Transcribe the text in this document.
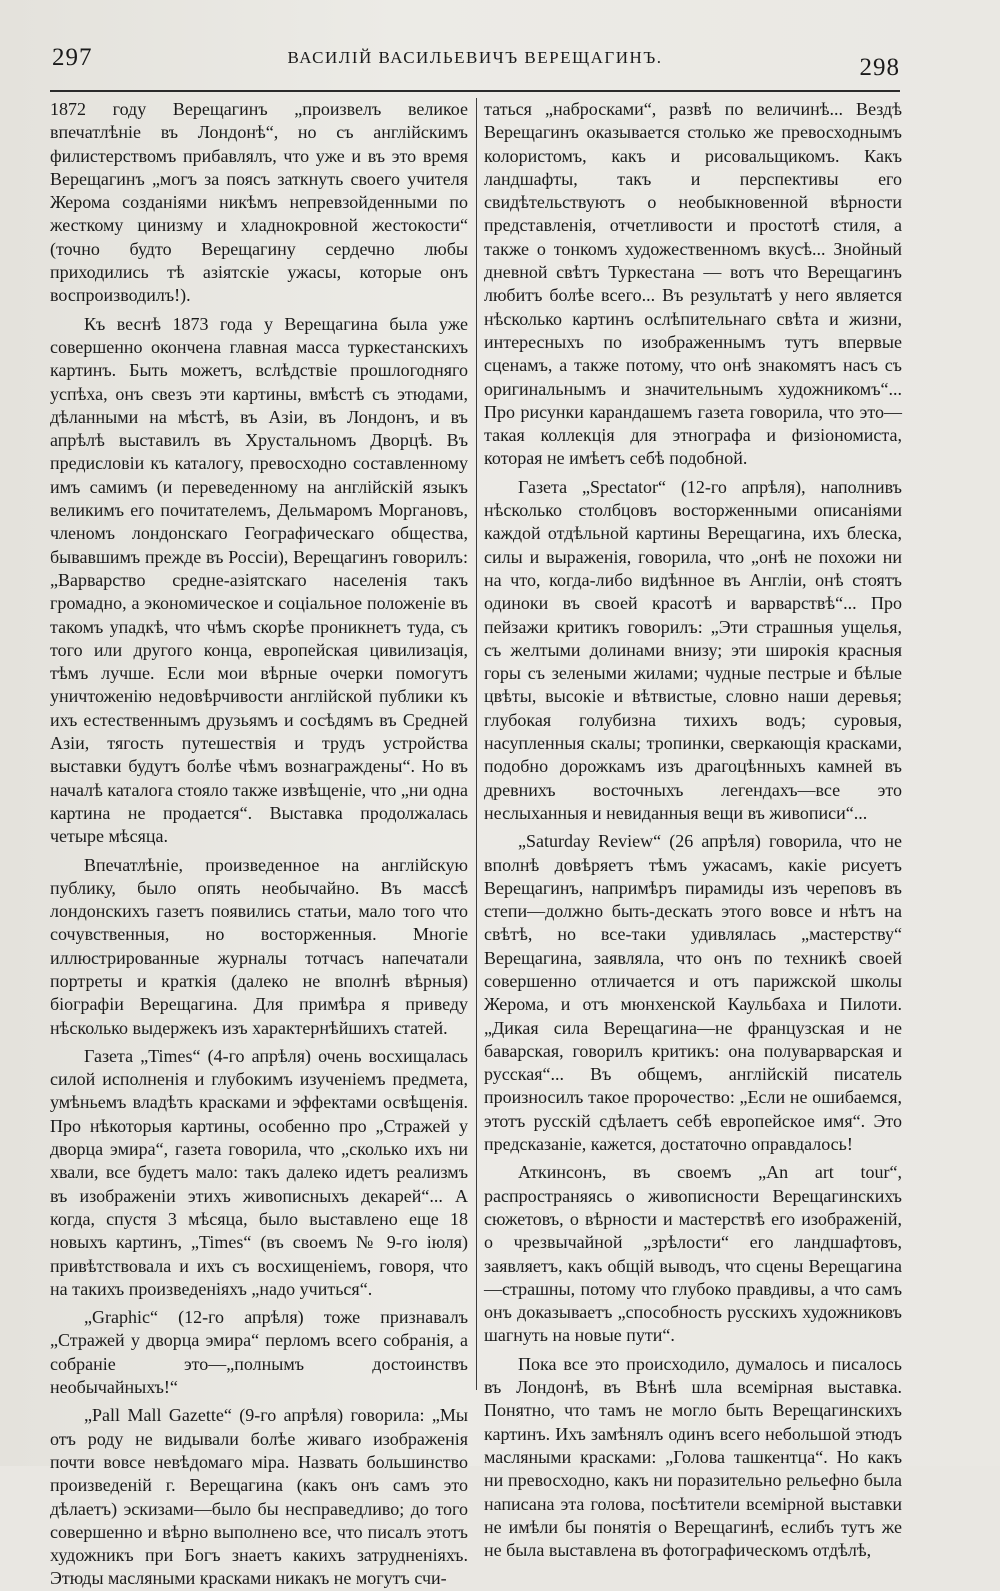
297	ВАСИЛІЙ ВАСИЛЬЕВИЧЪ ВЕРЕЩАГИНЪ.	298

1872 году Верещагинъ „произвелъ великое впечатлѣніе въ Лондонѣ“, но съ англійскимъ филистерствомъ прибавлялъ, что уже и въ это время Верещагинъ „могъ за поясъ заткнуть своего учителя Жерома созданіями никѣмъ непревзойденными по жесткому цинизму и хладнокровной жестокости“ (точно будто Верещагину сердечно любы приходились тѣ азіятскіе ужасы, которые онъ воспроизводилъ!).

Къ веснѣ 1873 года у Верещагина была уже совершенно окончена главная масса туркестанскихъ картинъ. Быть можетъ, вслѣдствіе прошлогодняго успѣха, онъ свезъ эти картины, вмѣстѣ съ этюдами, дѣланными на мѣстѣ, въ Азіи, въ Лондонъ, и въ апрѣлѣ выставилъ въ Хрустальномъ Дворцѣ. Въ предисловіи къ каталогу, превосходно составленному имъ самимъ (и переведенному на англійскій языкъ великимъ его почитателемъ, Дельмаромъ Моргановъ, членомъ лондонскаго Географическаго общества, бывавшимъ прежде въ Россіи), Верещагинъ говорилъ: „Варварство средне-азіятскаго населенія такъ громадно, а экономическое и соціальное положеніе въ такомъ упадкѣ, что чѣмъ скорѣе проникнетъ туда, съ того или другого конца, европейская цивилизація, тѣмъ лучше. Если мои вѣрные очерки помогутъ уничтоженію недовѣрчивости англійской публики къ ихъ естественнымъ друзьямъ и сосѣдямъ въ Средней Азіи, тягость путешествія и трудъ устройства выставки будутъ болѣе чѣмъ вознаграждены“. Но въ началѣ каталога стояло также извѣщеніе, что „ни одна картина не продается“. Выставка продолжалась четыре мѣсяца.

Впечатлѣніе, произведенное на англійскую публику, было опять необычайно. Въ массѣ лондонскихъ газетъ появились статьи, мало того что сочувственныя, но восторженныя. Многіе иллюстрированные журналы тотчасъ напечатали портреты и краткія (далеко не вполнѣ вѣрныя) біографіи Верещагина. Для примѣра я приведу нѣсколько выдержекъ изъ характернѣйшихъ статей.

Газета „Times“ (4-го апрѣля) очень восхищалась силой исполненія и глубокимъ изученіемъ предмета, умѣньемъ владѣть красками и эффектами освѣщенія. Про нѣкоторыя картины, особенно про „Стражей у дворца эмира“, газета говорила, что „сколько ихъ ни хвали, все будетъ мало: такъ далеко идетъ реализмъ въ изображеніи этихъ живописныхъ декарей“... А когда, спустя 3 мѣсяца, было выставлено еще 18 новыхъ картинъ, „Times“ (въ своемъ № 9-го іюля) привѣтствовала и ихъ съ восхищеніемъ, говоря, что на такихъ произведеніяхъ „надо учиться“.

„Graphic“ (12-го апрѣля) тоже признавалъ „Стражей у дворца эмира“ перломъ всего собранія, а собраніе это—„полнымъ достоинствъ необычайныхъ!“

„Pall Mall Gazette“ (9-го апрѣля) говорила: „Мы отъ роду не видывали болѣе живаго изображенія почти вовсе невѣдомаго міра. Назвать большинство произведеній г. Верещагина (какъ онъ самъ это дѣлаетъ) эскизами—было бы несправедливо; до того совершенно и вѣрно выполнено все, что писалъ этотъ художникъ при Богъ знаетъ какихъ затрудненіяхъ. Этюды масляными красками никакъ не могутъ счи-

таться „набросками“, развѣ по величинѣ... Вездѣ Верещагинъ оказывается столько же превосходнымъ колористомъ, какъ и рисовальщикомъ. Какъ ландшафты, такъ и перспективы его свидѣтельствуютъ о необыкновенной вѣрности представленія, отчетливости и простотѣ стиля, а также о тонкомъ художественномъ вкусѣ... Знойный дневной свѣтъ Туркестана — вотъ что Верещагинъ любитъ болѣе всего... Въ результатѣ у него является нѣсколько картинъ ослѣпительнаго свѣта и жизни, интересныхъ по изображеннымъ тутъ впервые сценамъ, а также потому, что онѣ знакомятъ насъ съ оригинальнымъ и значительнымъ художникомъ“... Про рисунки карандашемъ газета говорила, что это—такая коллекція для этнографа и физіономиста, которая не имѣетъ себѣ подобной.

Газета „Spectator“ (12-го апрѣля), наполнивъ нѣсколько столбцовъ восторженными описаніями каждой отдѣльной картины Верещагина, ихъ блеска, силы и выраженія, говорила, что „онѣ не похожи ни на что, когда-либо видѣнное въ Англіи, онѣ стоятъ одиноки въ своей красотѣ и варварствѣ“... Про пейзажи критикъ говорилъ: „Эти страшныя ущелья, съ желтыми долинами внизу; эти широкія красныя горы съ зелеными жилами; чудные пестрые и бѣлые цвѣты, высокіе и вѣтвистые, словно наши деревья; глубокая голубизна тихихъ водъ; суровыя, насупленныя скалы; тропинки, сверкающія красками, подобно дорожкамъ изъ драгоцѣнныхъ камней въ древнихъ восточныхъ легендахъ—все это неслыханныя и невиданныя вещи въ живописи“...

„Saturday Review“ (26 апрѣля) говорила, что не вполнѣ довѣряетъ тѣмъ ужасамъ, какіе рисуетъ Верещагинъ, напримѣръ пирамиды изъ череповъ въ степи—должно быть-дескать этого вовсе и нѣтъ на свѣтѣ, но все-таки удивлялась „мастерству“ Верещагина, заявляла, что онъ по техникѣ своей совершенно отличается и отъ парижской школы Жерома, и отъ мюнхенской Каульбаха и Пилоти. „Дикая сила Верещагина—не французская и не баварская, говорилъ критикъ: она полуварварская и русская“... Въ общемъ, англійскій писатель произносилъ такое пророчество: „Если не ошибаемся, этотъ русскій сдѣлаетъ себѣ европейское имя“. Это предсказаніе, кажется, достаточно оправдалось!

Аткинсонъ, въ своемъ „An art tour“, распространяясь о живописности Верещагинскихъ сюжетовъ, о вѣрности и мастерствѣ его изображеній, о чрезвычайной „зрѣлости“ его ландшафтовъ, заявляетъ, какъ общій выводъ, что сцены Верещагина—страшны, потому что глубоко правдивы, а что самъ онъ доказываетъ „способность русскихъ художниковъ шагнуть на новые пути“.

Пока все это происходило, думалось и писалось въ Лондонѣ, въ Вѣнѣ шла всемірная выставка. Понятно, что тамъ не могло быть Верещагинскихъ картинъ. Ихъ замѣнялъ одинъ всего небольшой этюдъ масляными красками: „Голова ташкентца“. Но какъ ни превосходно, какъ ни поразительно рельефно была написана эта голова, посѣтители всемірной выставки не имѣли бы понятія о Верещагинѣ, еслибъ тутъ же не была выставлена въ фотографическомъ отдѣлѣ,
